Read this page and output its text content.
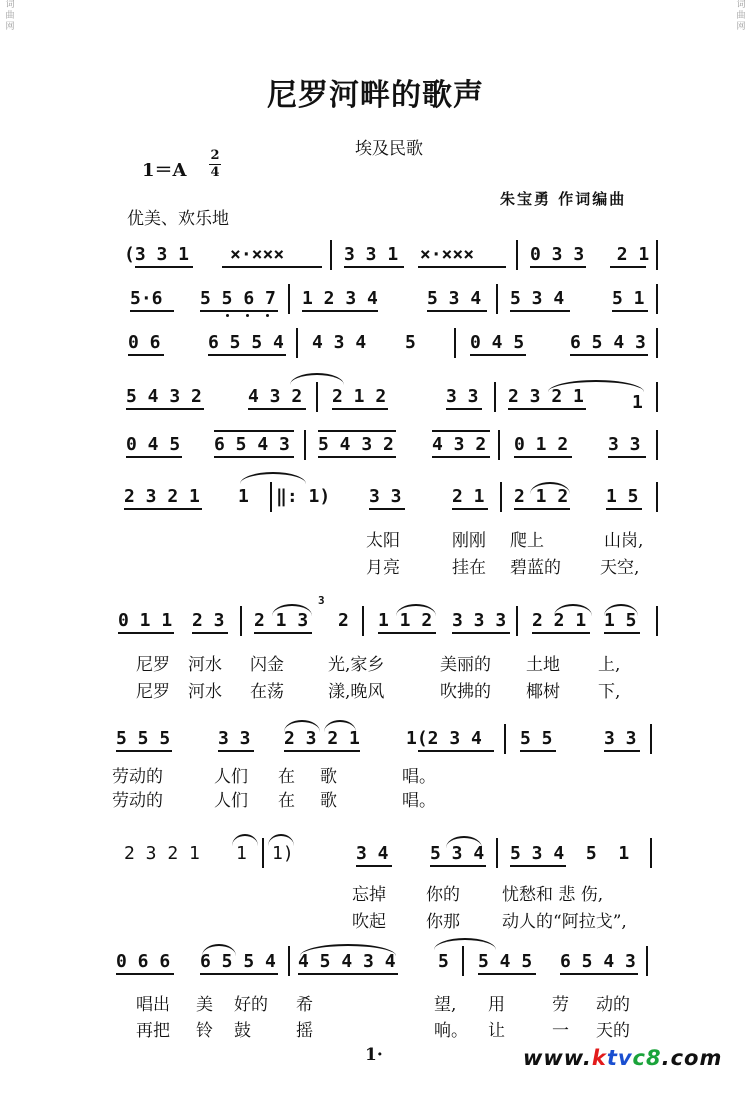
词
曲
网
词
曲
网
尼罗河畔的歌声
埃及民歌
1＝A
2
4
朱宝勇 作词编曲
优美、欢乐地
(3 3 1 ×·×××	3 3 1  ×·×××	0 3 3   2 1
5·6 5 5 6 7 1 2 3 4	5 3 4 5 3 4	5 1
0 6	6 5 5 4 4 3 4 5	0 4 5	6 5 4 3
5 4 3 2	4 3 2 2 1 2	3 3 2 3 2 1	1
0 4 5 6 5 4 3 5 4 3 2 4 3 2 0 1 2 3 3
2 3 2 1 1 ‖: 1) 3 3	2 1 2 1 2 1 5
太阳	刚刚 爬上	山岗,
月亮	挂在 碧蓝的 天空,
0 1 1 2 3 2 1 3
3
2 1 1 2 3 3 3 2 2 1 1 5
尼罗 河水 闪金	光,家乡	美丽的 土地 上,
尼罗 河水 在荡	漾,晚风	吹拂的 椰树 下,
5 5 5	3 3 2 3 2 1	1(2 3 4 5 5	3 3
劳动的	人们 在 歌	唱。
劳动的	人们 在 歌	唱。
2 3 2 1 1 1)	3 4 5 3 4 5 3 4  5  1
忘掉 你的 忧愁和 悲 伤,
吹起 你那 动人的“阿拉戈”,
0 6 6 6 5 5 4 4 5 4 3 4 5 5 4 5 6 5 4 3
唱出 美 好的 希	望, 用	劳 动的
再把 铃 鼓	摇	响。 让	一 天的
1·	www.ktvc8.com
